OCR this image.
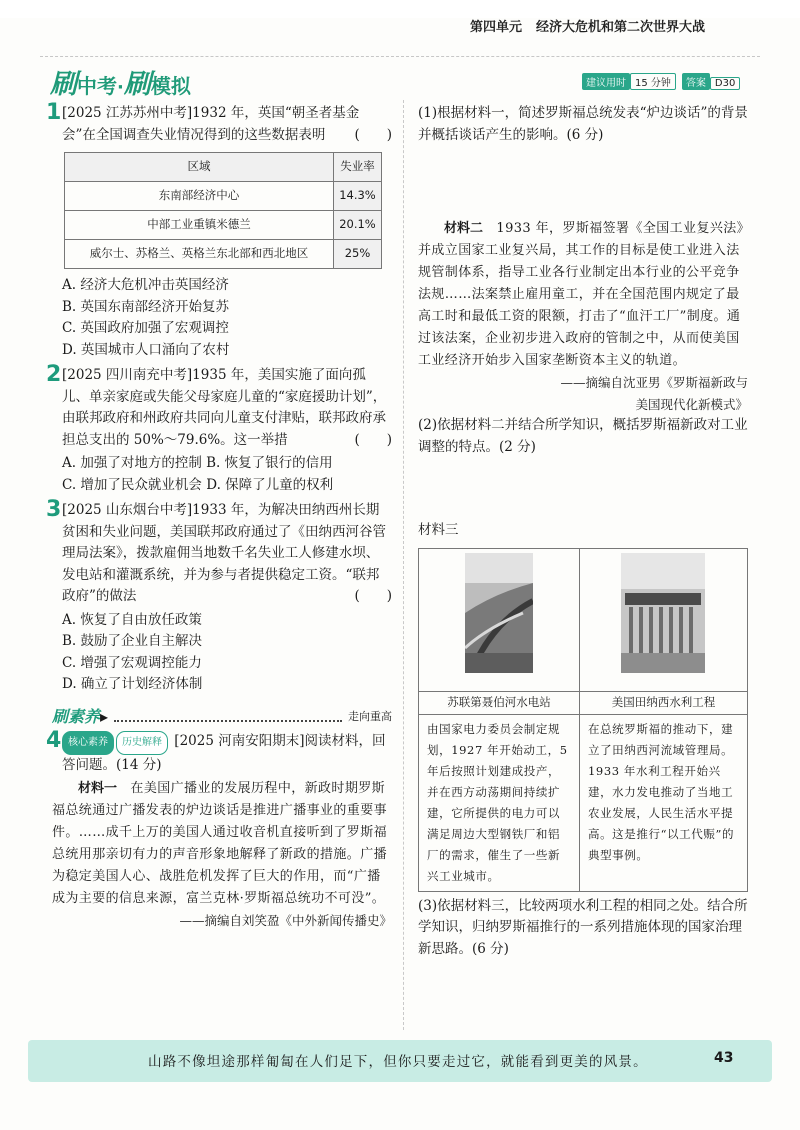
第四单元 经济大危机和第二次世界大战
刷中考·刷模拟	建议用时 15 分钟 答案 D30
1 [2025 江苏苏州中考]1932 年，英国“朝圣者基金会”在全国调查失业情况得到的这些数据表明 (　　)
区域	失业率
东南部经济中心	14.3%
中部工业重镇米德兰	20.1%
威尔士、苏格兰、英格兰东北部和西北地区	25%

A. 经济大危机冲击英国经济

B. 英国东南部经济开始复苏

C. 英国政府加强了宏观调控

D. 英国城市人口涌向了农村

2 [2025 四川南充中考]1935 年，美国实施了面向孤儿、单亲家庭或失能父母家庭儿童的“家庭援助计划”，由联邦政府和州政府共同向儿童支付津贴，联邦政府承担总支出的 50%～79.6%。这一举措	(　　)

A. 加强了对地方的控制 B. 恢复了银行的信用

C. 增加了民众就业机会 D. 保障了儿童的权利

3 [2025 山东烟台中考]1933 年，为解决田纳西州长期贫困和失业问题，美国联邦政府通过了《田纳西河谷管理局法案》，拨款雇佣当地数千名失业工人修建水坝、发电站和灌溉系统，并为参与者提供稳定工资。“联邦政府”的做法	(　　)

A. 恢复了自由放任政策

B. 鼓励了企业自主解决

C. 增强了宏观调控能力

D. 确立了计划经济体制

刷素养 ▸	走向重高
4 核心素养 历史解释 [2025 河南安阳期末]阅读材料，回答问题。(14 分)

材料一　 在美国广播业的发展历程中，新政时期罗斯福总统通过广播发表的炉边谈话是推进广播事业的重要事件。……成千上万的美国人通过收音机直接听到了罗斯福总统用那亲切有力的声音形象地解释了新政的措施。广播为稳定美国人心、战胜危机发挥了巨大的作用，而“广播成为主要的信息来源，富兰克林·罗斯福总统功不可没”。

——摘编自刘笑盈《中外新闻传播史》

(1)根据材料一，简述罗斯福总统发表“炉边谈话”的背景并概括谈话产生的影响。(6 分)

材料二　 1933 年，罗斯福签署《全国工业复兴法》并成立国家工业复兴局，其工作的目标是使工业进入法规管制体系，指导工业各行业制定出本行业的公平竞争法规……法案禁止雇用童工，并在全国范围内规定了最高工时和最低工资的限额，打击了“血汗工厂”制度。通过该法案，企业初步进入政府的管制之中，从而使美国工业经济开始步入国家垄断资本主义的轨道。

——摘编自沈亚男《罗斯福新政与

美国现代化新模式》

(2)依据材料二并结合所学知识，概括罗斯福新政对工业调整的特点。(2 分)

材料三

苏联第聂伯河水电站	美国田纳西水利工程
由国家电力委员会制定规划，1927 年开始动工，5 年后按照计划建成投产，并在西方动荡期间持续扩建，它所提供的电力可以满足周边大型钢铁厂和铝厂的需求，催生了一些新兴工业城市。	在总统罗斯福的推动下，建立了田纳西河流域管理局。1933 年水利工程开始兴建，水力发电推动了当地工农业发展，人民生活水平提高。这是推行“以工代赈”的典型事例。

(3)依据材料三，比较两项水利工程的相同之处。结合所学知识，归纳罗斯福推行的一系列措施体现的国家治理新思路。(6 分)

山路不像坦途那样匍匐在人们足下，但你只要走过它，就能看到更美的风景。	43
